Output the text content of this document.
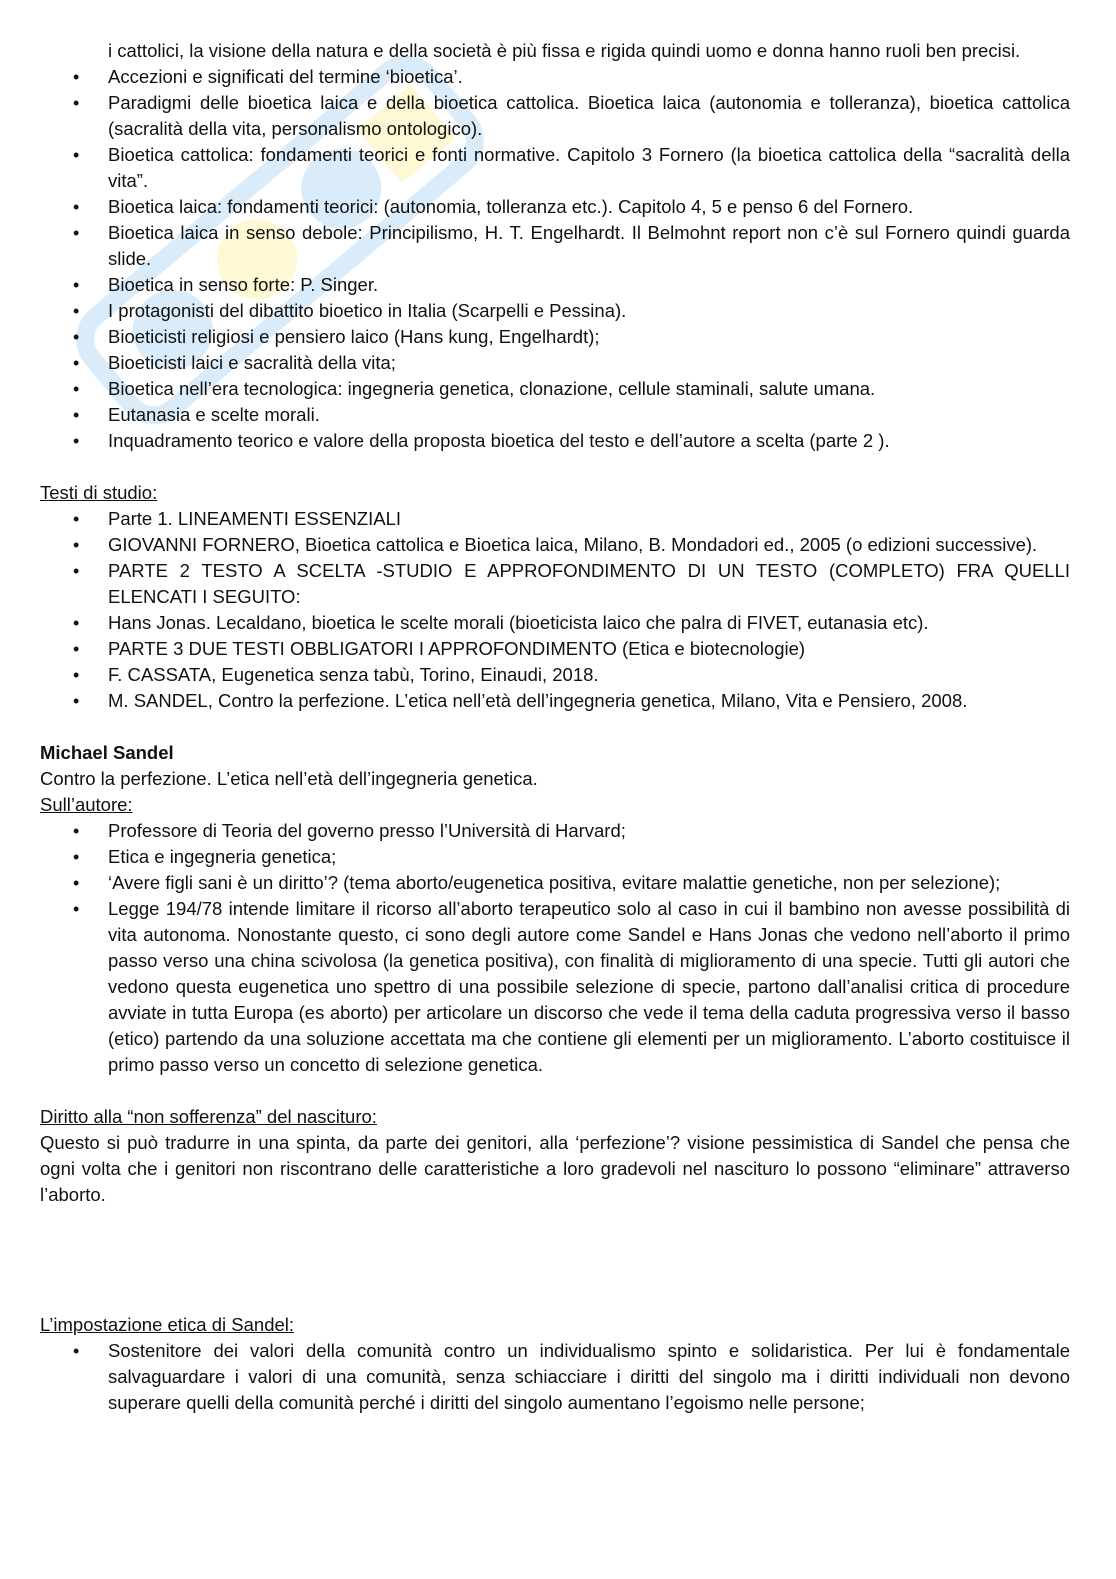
i cattolici, la visione della natura e della società è più fissa e rigida quindi uomo e donna hanno ruoli ben precisi.

• Accezioni e significati del termine ‘bioetica’.
• Paradigmi delle bioetica laica e della bioetica cattolica. Bioetica laica (autonomia e tolleranza), bioetica cattolica (sacralità della vita, personalismo ontologico).
• Bioetica cattolica: fondamenti teorici e fonti normative. Capitolo 3 Fornero (la bioetica cattolica della “sacralità della vita”.
• Bioetica laica: fondamenti teorici: (autonomia, tolleranza etc.). Capitolo 4, 5 e penso 6 del Fornero.
• Bioetica laica in senso debole: Principilismo, H. T. Engelhardt. Il Belmohnt report non c’è sul Fornero quindi guarda slide.
• Bioetica in senso forte: P. Singer.
• I protagonisti del dibattito bioetico in Italia (Scarpelli e Pessina).
• Bioeticisti religiosi e pensiero laico (Hans kung, Engelhardt);
• Bioeticisti laici e sacralità della vita;
• Bioetica nell’era tecnologica: ingegneria genetica, clonazione, cellule staminali, salute umana.
• Eutanasia e scelte morali.
• Inquadramento teorico e valore della proposta bioetica del testo e dell’autore a scelta (parte 2 ).
Testi di studio:
• Parte 1. LINEAMENTI ESSENZIALI
• GIOVANNI FORNERO, Bioetica cattolica e Bioetica laica, Milano, B. Mondadori ed., 2005 (o edizioni successive).
• PARTE 2 TESTO A SCELTA -STUDIO E APPROFONDIMENTO DI UN TESTO (COMPLETO) FRA QUELLI ELENCATI I SEGUITO:
• Hans Jonas. Lecaldano, bioetica le scelte morali (bioeticista laico che palra di FIVET, eutanasia etc).
• PARTE 3 DUE TESTI OBBLIGATORI I APPROFONDIMENTO (Etica e biotecnologie)
• F. CASSATA, Eugenetica senza tabù, Torino, Einaudi, 2018.
• M. SANDEL, Contro la perfezione. L’etica nell’età dell’ingegneria genetica, Milano, Vita e Pensiero, 2008.
Michael Sandel
Contro la perfezione. L’etica nell’età dell’ingegneria genetica.
Sull’autore:
• Professore di Teoria del governo presso l’Università di Harvard;
• Etica e ingegneria genetica;
• ‘Avere figli sani è un diritto’? (tema aborto/eugenetica positiva, evitare malattie genetiche, non per selezione);
• Legge 194/78 intende limitare il ricorso all’aborto terapeutico solo al caso in cui il bambino non avesse possibilità di vita autonoma. Nonostante questo, ci sono degli autore come Sandel e Hans Jonas che vedono nell’aborto il primo passo verso una china scivolosa (la genetica positiva), con finalità di miglioramento di una specie. Tutti gli autori che vedono questa eugenetica uno spettro di una possibile selezione di specie, partono dall’analisi critica di procedure avviate in tutta Europa (es aborto) per articolare un discorso che vede il tema della caduta progressiva verso il basso (etico) partendo da una soluzione accettata ma che contiene gli elementi per un miglioramento. L’aborto costituisce il primo passo verso un concetto di selezione genetica.
Diritto alla “non sofferenza” del nascituro:

Questo si può tradurre in una spinta, da parte dei genitori, alla ‘perfezione’? visione pessimistica di Sandel che pensa che ogni volta che i genitori non riscontrano delle caratteristiche a loro gradevoli nel nascituro lo possono “eliminare” attraverso l’aborto.

L’impostazione etica di Sandel:
• Sostenitore dei valori della comunità contro un individualismo spinto e solidaristica. Per lui è fondamentale salvaguardare i valori di una comunità, senza schiacciare i diritti del singolo ma i diritti individuali non devono superare quelli della comunità perché i diritti del singolo aumentano l’egoismo nelle persone;
